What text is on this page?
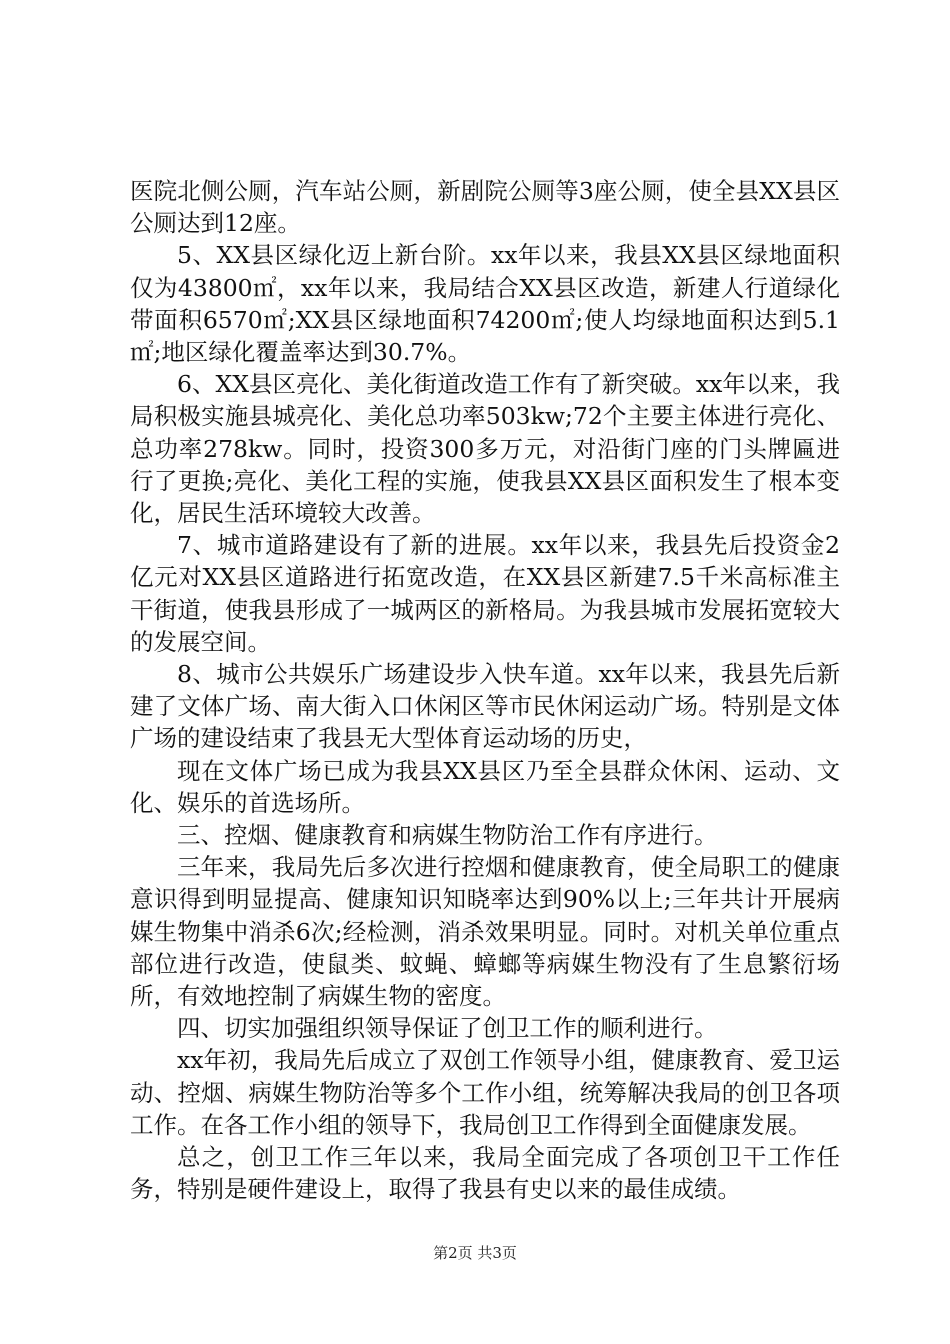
医院北侧公厕，汽车站公厕，新剧院公厕等3座公厕，使全县XX县区公厕达到12座。

5、XX县区绿化迈上新台阶。xx年以来，我县XX县区绿地面积仅为43800㎡，xx年以来，我局结合XX县区改造，新建人行道绿化带面积6570㎡;XX县区绿地面积74200㎡;使人均绿地面积达到5.1㎡;地区绿化覆盖率达到30.7%。

6、XX县区亮化、美化街道改造工作有了新突破。xx年以来，我局积极实施县城亮化、美化总功率503kw;72个主要主体进行亮化、总功率278kw。同时，投资300多万元，对沿街门座的门头牌匾进行了更换;亮化、美化工程的实施，使我县XX县区面积发生了根本变化，居民生活环境较大改善。

7、城市道路建设有了新的进展。xx年以来，我县先后投资金2亿元对XX县区道路进行拓宽改造，在XX县区新建7.5千米高标准主干街道，使我县形成了一城两区的新格局。为我县城市发展拓宽较大的发展空间。

8、城市公共娱乐广场建设步入快车道。xx年以来，我县先后新建了文体广场、南大街入口休闲区等市民休闲运动广场。特别是文体广场的建设结束了我县无大型体育运动场的历史，

现在文体广场已成为我县XX县区乃至全县群众休闲、运动、文化、娱乐的首选场所。

三、控烟、健康教育和病媒生物防治工作有序进行。

三年来，我局先后多次进行控烟和健康教育，使全局职工的健康意识得到明显提高、健康知识知晓率达到90%以上;三年共计开展病媒生物集中消杀6次;经检测，消杀效果明显。同时。对机关单位重点部位进行改造，使鼠类、蚊蝇、蟑螂等病媒生物没有了生息繁衍场所，有效地控制了病媒生物的密度。

四、切实加强组织领导保证了创卫工作的顺利进行。

xx年初，我局先后成立了双创工作领导小组，健康教育、爱卫运动、控烟、病媒生物防治等多个工作小组，统筹解决我局的创卫各项工作。在各工作小组的领导下，我局创卫工作得到全面健康发展。

总之，创卫工作三年以来，我局全面完成了各项创卫干工作任务，特别是硬件建设上，取得了我县有史以来的最佳成绩。

第2页 共3页
